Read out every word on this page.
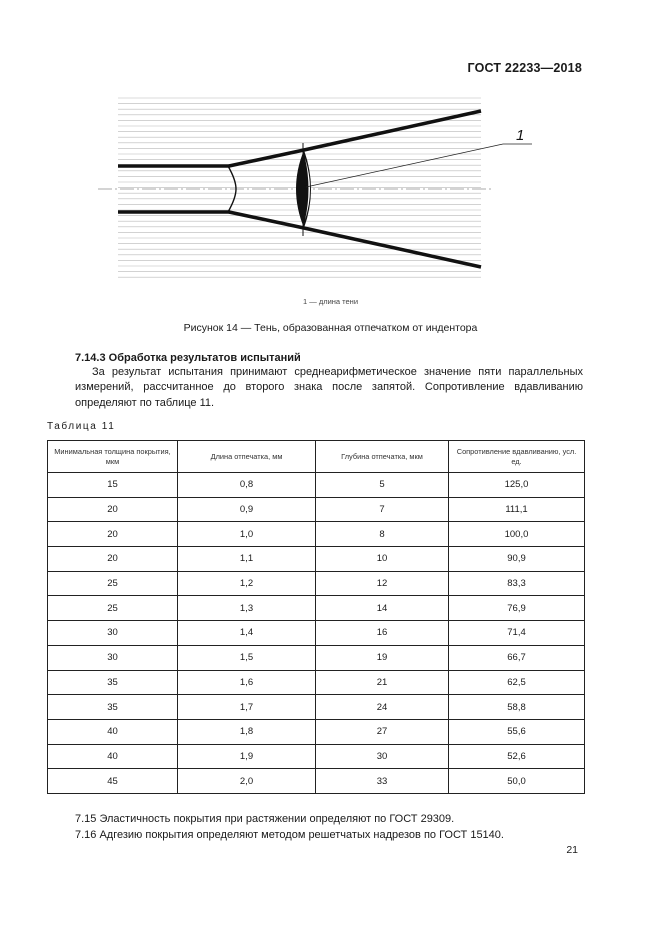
ГОСТ 22233—2018
1
1 — длина тени
Рисунок 14 — Тень, образованная отпечатком от индентора
7.14.3 Обработка результатов испытаний
За результат испытания принимают среднеарифметическое значение пяти параллельных измерений, рассчитанное до второго знака после запятой. Сопротивление вдавливанию определяют по таблице 11.
Таблица 11
Минимальная толщина покрытия, мкм	Длина отпечатка, мм	Глубина отпечатка, мкм	Сопротивление вдавливанию, усл. ед.
15	0,8	5	125,0
20	0,9	7	111,1
20	1,0	8	100,0
20	1,1	10	90,9
25	1,2	12	83,3
25	1,3	14	76,9
30	1,4	16	71,4
30	1,5	19	66,7
35	1,6	21	62,5
35	1,7	24	58,8
40	1,8	27	55,6
40	1,9	30	52,6
45	2,0	33	50,0
7.15 Эластичность покрытия при растяжении определяют по ГОСТ 29309.
7.16 Адгезию покрытия определяют методом решетчатых надрезов по ГОСТ 15140.
21
